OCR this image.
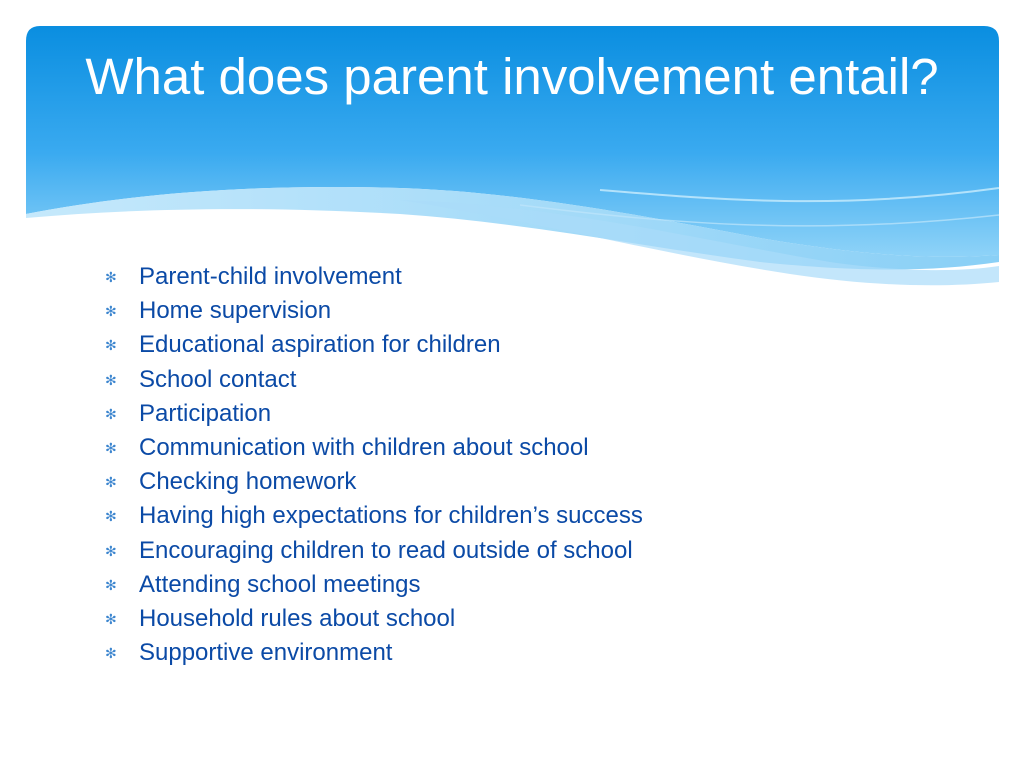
What does parent involvement entail?
✻ Parent-child involvement
✻ Home supervision
✻ Educational aspiration for children
✻ School contact
✻ Participation
✻ Communication with children about school
✻ Checking homework
✻ Having high expectations for children’s success
✻ Encouraging children to read outside of school
✻ Attending school meetings
✻ Household rules about school
✻ Supportive environment
